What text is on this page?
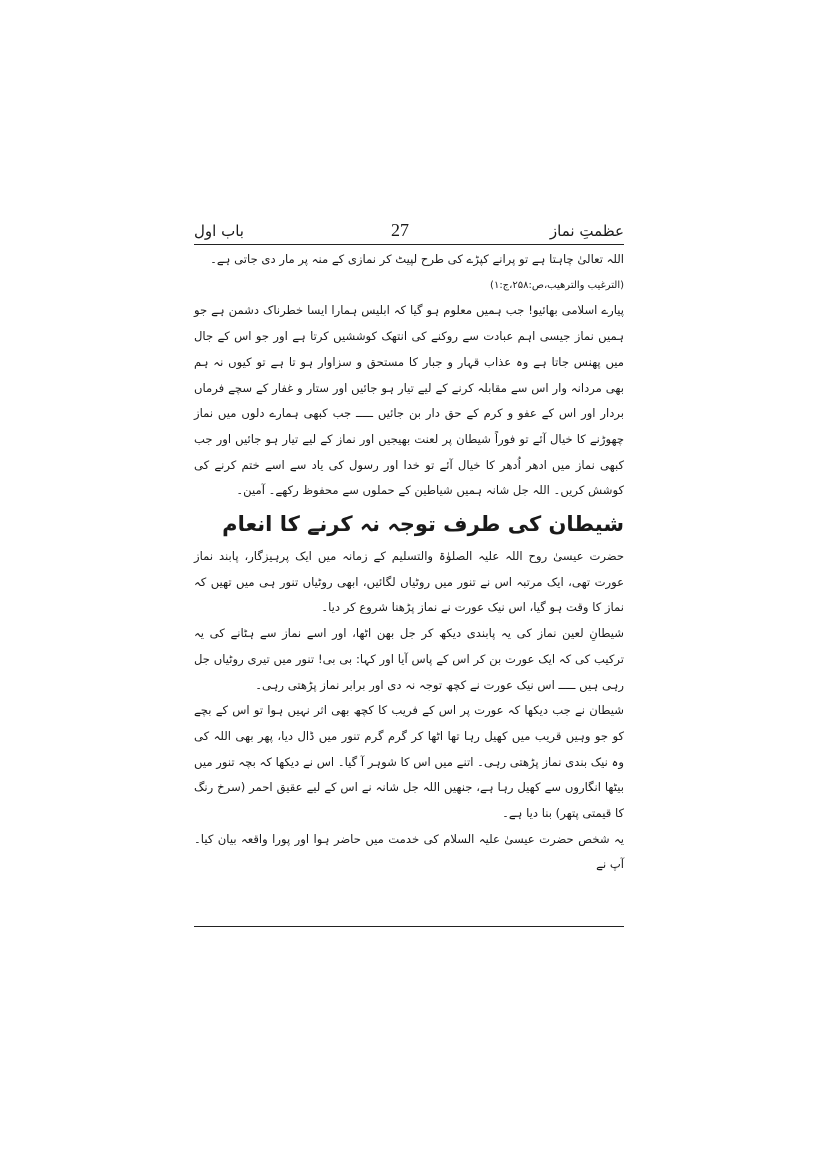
باب اول	27	عظمتِ نماز

اللہ تعالیٰ چاہتا ہے تو پرانے کپڑے کی طرح لپیٹ کر نمازی کے منہ پر مار دی جاتی ہے۔

(الترغیب والترھیب،ص:۲۵۸،ج:۱)

پیارے اسلامی بھائیو! جب ہمیں معلوم ہو گیا کہ ابلیس ہمارا ایسا خطرناک دشمن ہے جو ہمیں نماز جیسی اہم عبادت سے روکنے کی انتھک کوششیں کرتا ہے اور جو اس کے جال میں پھنس جاتا ہے وہ عذاب قہار و جبار کا مستحق و سزاوار ہو تا ہے تو کیوں نہ ہم بھی مردانہ وار اس سے مقابلہ کرنے کے لیے تیار ہو جائیں اور ستار و غفار کے سچے فرماں بردار اور اس کے عفو و کرم کے حق دار بن جائیں ـــــ جب کبھی ہمارے دلوں میں نماز چھوڑنے کا خیال آئے تو فوراً شیطان پر لعنت بھیجیں اور نماز کے لیے تیار ہو جائیں اور جب کبھی نماز میں ادھر اُدھر کا خیال آئے تو خدا اور رسول کی یاد سے اسے ختم کرنے کی کوشش کریں۔ اللہ جل شانہ ہمیں شیاطین کے حملوں سے محفوظ رکھے۔ آمین۔

شیطان کی طرف توجہ نہ کرنے کا انعام

حضرت عیسیٰ روح اللہ علیہ الصلوٰۃ والتسلیم کے زمانہ میں ایک پرہیزگار، پابند نماز عورت تھی، ایک مرتبہ اس نے تنور میں روٹیاں لگائیں، ابھی روٹیاں تنور ہی میں تھیں کہ نماز کا وقت ہو گیا، اس نیک عورت نے نماز پڑھنا شروع کر دیا۔

شیطانِ لعین نماز کی یہ پابندی دیکھ کر جل بھن اٹھا، اور اسے نماز سے ہٹانے کی یہ ترکیب کی کہ ایک عورت بن کر اس کے پاس آیا اور کہا: بی بی! تنور میں تیری روٹیاں جل رہی ہیں ـــــ اس نیک عورت نے کچھ توجہ نہ دی اور برابر نماز پڑھتی رہی۔

شیطان نے جب دیکھا کہ عورت پر اس کے فریب کا کچھ بھی اثر نہیں ہوا تو اس کے بچے کو جو وہیں قریب میں کھیل رہا تھا اٹھا کر گرم گرم تنور میں ڈال دیا، پھر بھی اللہ کی وہ نیک بندی نماز پڑھتی رہی۔ اتنے میں اس کا شوہر آ گیا۔ اس نے دیکھا کہ بچہ تنور میں بیٹھا انگاروں سے کھیل رہا ہے، جنھیں اللہ جل شانہ نے اس کے لیے عقیق احمر (سرخ رنگ کا قیمتی پتھر) بنا دیا ہے۔

یہ شخص حضرت عیسیٰ علیہ السلام کی خدمت میں حاضر ہوا اور پورا واقعہ بیان کیا۔ آپ نے
